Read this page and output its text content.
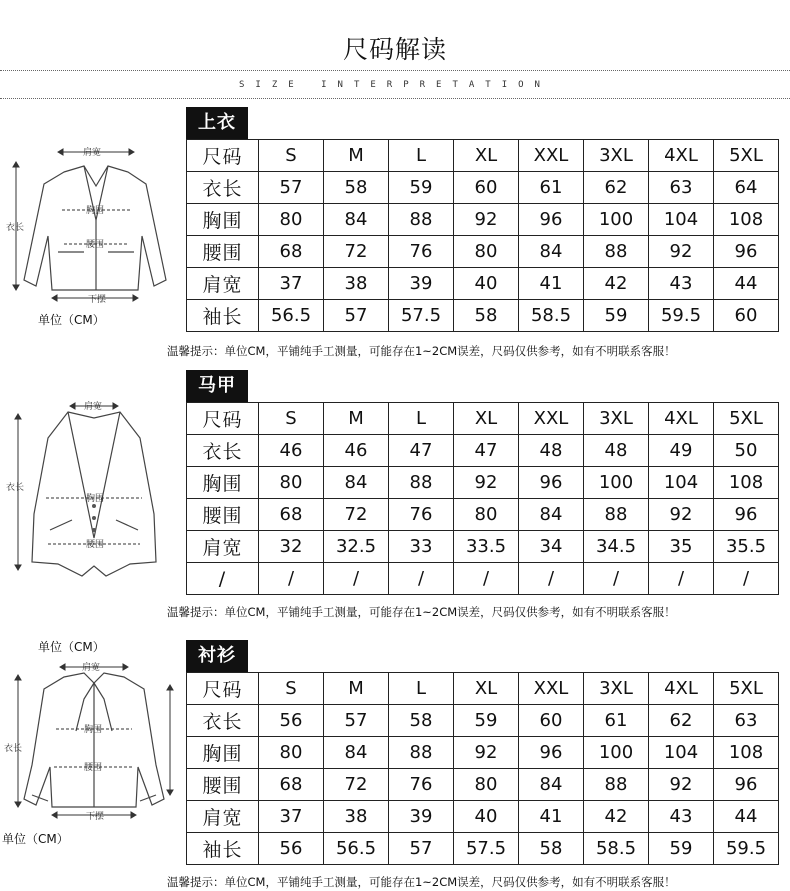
尺码解读
SIZE INTERPRETATION
肩宽
衣长
胸围
腰围
下摆
单位（CM）
上衣
尺码	S	M	L	XL	XXL	3XL	4XL	5XL
衣长	57	58	59	60	61	62	63	64
胸围	80	84	88	92	96	100	104	108
腰围	68	72	76	80	84	88	92	96
肩宽	37	38	39	40	41	42	43	44
袖长	56.5	57	57.5	58	58.5	59	59.5	60
温馨提示：单位CM，平铺纯手工测量，可能存在1~2CM误差，尺码仅供参考，如有不明联系客服！
肩宽
衣长
胸围
腰围
马甲
尺码	S	M	L	XL	XXL	3XL	4XL	5XL
衣长	46	46	47	47	48	48	49	50
胸围	80	84	88	92	96	100	104	108
腰围	68	72	76	80	84	88	92	96
肩宽	32	32.5	33	33.5	34	34.5	35	35.5
/	/	/	/	/	/	/	/	/
温馨提示：单位CM，平铺纯手工测量，可能存在1~2CM误差，尺码仅供参考，如有不明联系客服！
单位（CM）
肩宽
衣长
胸围
腰围
下摆
单位（CM）
衬衫
尺码	S	M	L	XL	XXL	3XL	4XL	5XL
衣长	56	57	58	59	60	61	62	63
胸围	80	84	88	92	96	100	104	108
腰围	68	72	76	80	84	88	92	96
肩宽	37	38	39	40	41	42	43	44
袖长	56	56.5	57	57.5	58	58.5	59	59.5
温馨提示：单位CM，平铺纯手工测量，可能存在1~2CM误差，尺码仅供参考，如有不明联系客服！
